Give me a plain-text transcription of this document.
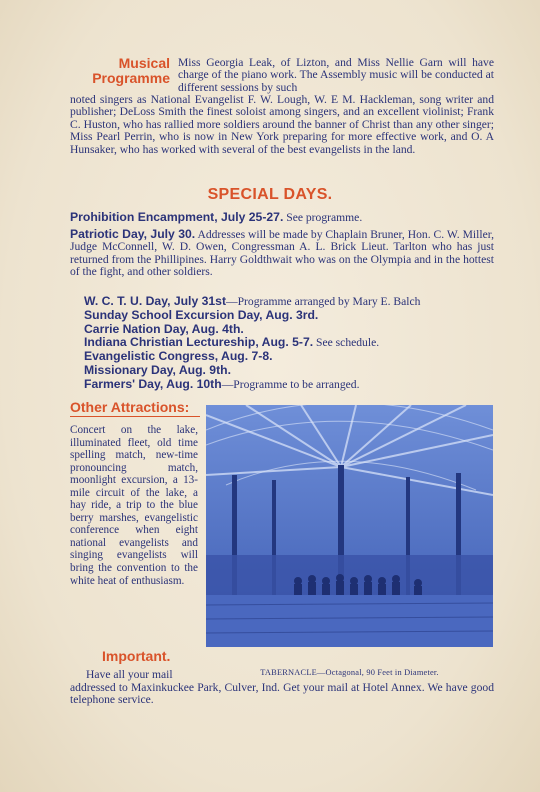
Musical
Programme
Miss Georgia Leak, of Lizton, and Miss Nellie Garn will have charge of the piano work. The Assembly music will be conducted at different sessions by such
noted singers as National Evangelist F. W. Lough, W. E M. Hackleman, song writer and publisher; DeLoss Smith the finest soloist among singers, and an excellent violinist; Frank C. Huston, who has rallied more soldiers around the banner of Christ than any other singer; Miss Pearl Perrin, who is now in New York preparing for more effective work, and O. A Hunsaker, who has worked with several of the best evangelists in the land.
SPECIAL DAYS.
Prohibition Encampment, July 25-27. See programme.
Patriotic Day, July 30. Addresses will be made by Chaplain Bruner, Hon. C. W. Miller, Judge McConnell, W. D. Owen, Congressman A. L. Brick Lieut. Tarlton who has just returned from the Phillipines. Harry Goldthwait who was on the Olympia and in the hottest of the fight, and other soldiers.
W. C. T. U. Day, July 31st—Programme arranged by Mary E. Balch
Sunday School Excursion Day, Aug. 3rd.
Carrie Nation Day, Aug. 4th.
Indiana Christian Lectureship, Aug. 5-7. See schedule.
Evangelistic Congress, Aug. 7-8.
Missionary Day, Aug. 9th.
Farmers' Day, Aug. 10th—Programme to be arranged.
Other Attractions:
Concert on the lake, illuminated fleet, old time spelling match, new-time pronouncing match, moonlight excursion, a 13-mile circuit of the lake, a hay ride, a trip to the blue berry marshes, evangelistic conference when eight national evangelists and singing evangelists will bring the convention to the white heat of enthusiasm.
TABERNACLE—Octagonal, 90 Feet in Diameter.
Important.
Have all your mail
addressed to Maxinkuckee Park, Culver, Ind. Get your mail at Hotel Annex. We have good telephone service.
